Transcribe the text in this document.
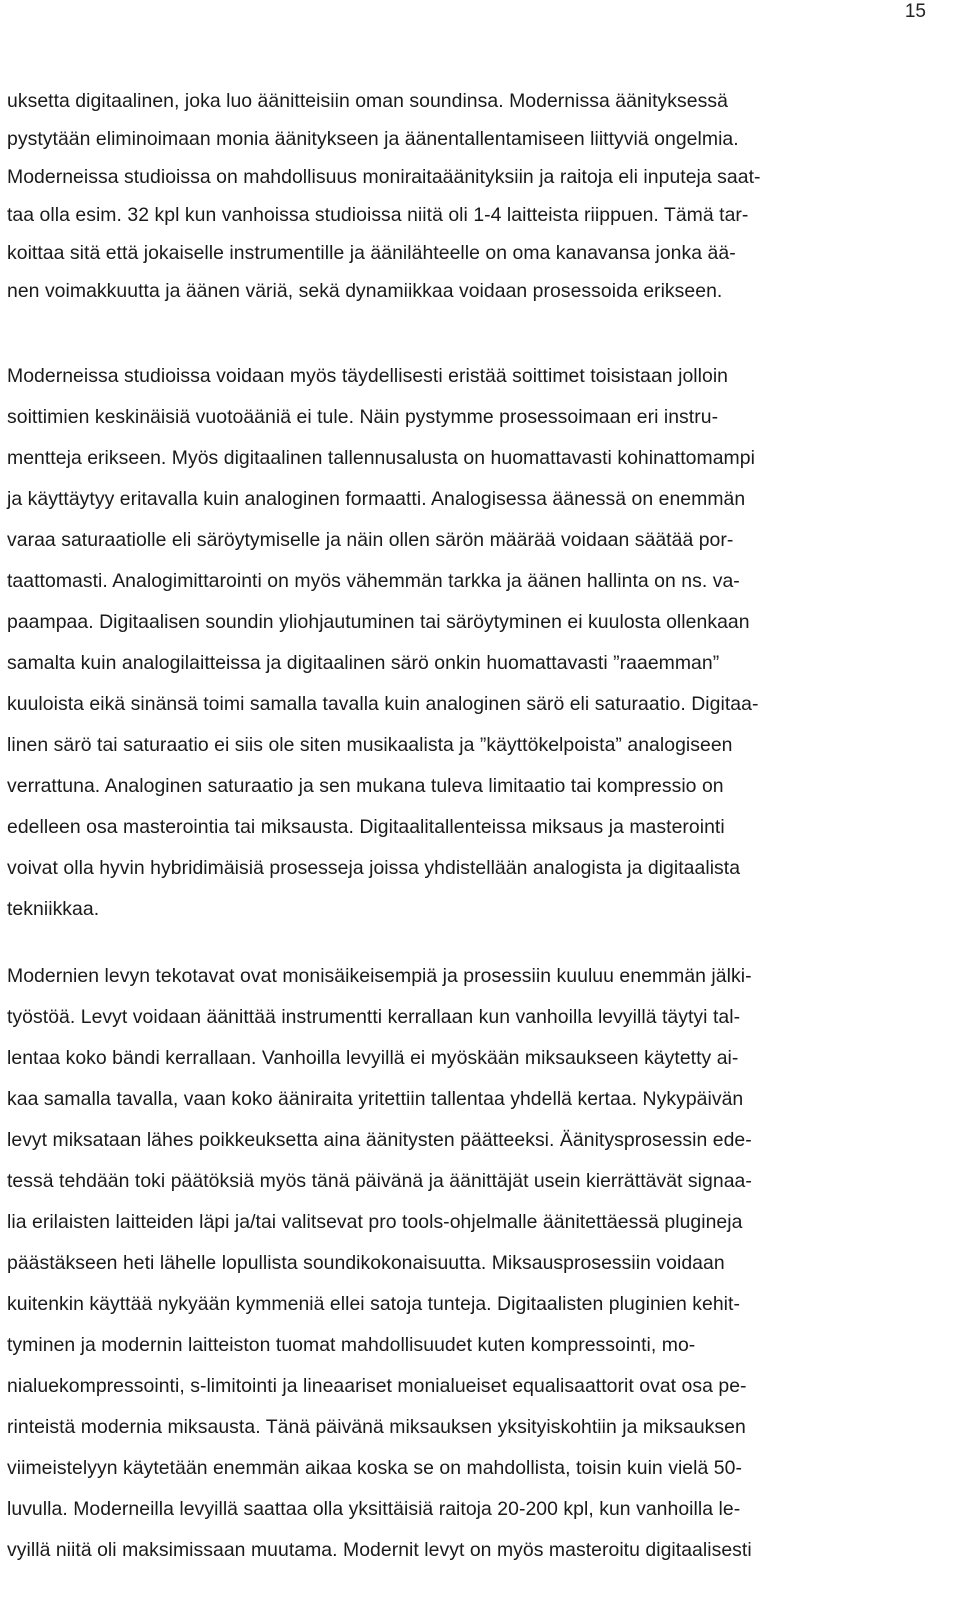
15
uksetta digitaalinen, joka luo äänitteisiin oman soundinsa. Modernissa äänityksessä
pystytään eliminoimaan monia äänitykseen ja äänentallentamiseen liittyviä ongelmia.
Moderneissa studioissa on mahdollisuus moniraitaäänityksiin ja raitoja eli inputeja saat-
taa olla esim. 32 kpl kun vanhoissa studioissa niitä oli 1-4 laitteista riippuen. Tämä tar-
koittaa sitä että jokaiselle instrumentille ja äänilähteelle on oma kanavansa jonka ää-
nen voimakkuutta ja äänen väriä, sekä dynamiikkaa voidaan prosessoida erikseen.
Moderneissa studioissa voidaan myös täydellisesti eristää soittimet toisistaan jolloin
soittimien keskinäisiä vuotoääniä ei tule. Näin pystymme prosessoimaan eri instru-
mentteja erikseen. Myös digitaalinen tallennusalusta on huomattavasti kohinattomampi
ja käyttäytyy eritavalla kuin analoginen formaatti. Analogisessa äänessä on enemmän
varaa saturaatiolle eli säröytymiselle ja näin ollen särön määrää voidaan säätää por-
taattomasti. Analogimittarointi on myös vähemmän tarkka ja äänen hallinta on ns. va-
paampaa. Digitaalisen soundin yliohjautuminen tai säröytyminen ei kuulosta ollenkaan
samalta kuin analogilaitteissa ja digitaalinen särö onkin huomattavasti ”raaemman”
kuuloista eikä sinänsä toimi samalla tavalla kuin analoginen särö eli saturaatio. Digitaa-
linen särö tai saturaatio ei siis ole siten musikaalista ja ”käyttökelpoista” analogiseen
verrattuna. Analoginen saturaatio ja sen mukana tuleva limitaatio tai kompressio on
edelleen osa masterointia tai miksausta. Digitaalitallenteissa miksaus ja masterointi
voivat olla hyvin hybridimäisiä prosesseja joissa yhdistellään analogista ja digitaalista
tekniikkaa.
Modernien levyn tekotavat ovat monisäikeisempiä ja prosessiin kuuluu enemmän jälki-
työstöä. Levyt voidaan äänittää instrumentti kerrallaan kun vanhoilla levyillä täytyi tal-
lentaa koko bändi kerrallaan. Vanhoilla levyillä ei myöskään miksaukseen käytetty ai-
kaa samalla tavalla, vaan koko ääniraita yritettiin tallentaa yhdellä kertaa. Nykypäivän
levyt miksataan lähes poikkeuksetta aina äänitysten päätteeksi. Äänitysprosessin ede-
tessä tehdään toki päätöksiä myös tänä päivänä ja äänittäjät usein kierrättävät signaa-
lia erilaisten laitteiden läpi ja/tai valitsevat pro tools-ohjelmalle äänitettäessä plugineja
päästäkseen heti lähelle lopullista soundikokonaisuutta. Miksausprosessiin voidaan
kuitenkin käyttää nykyään kymmeniä ellei satoja tunteja. Digitaalisten pluginien kehit-
tyminen ja modernin laitteiston tuomat mahdollisuudet kuten kompressointi, mo-
nialuekompressointi, s-limitointi ja lineaariset monialueiset equalisaattorit ovat osa pe-
rinteistä modernia miksausta. Tänä päivänä miksauksen yksityiskohtiin ja miksauksen
viimeistelyyn käytetään enemmän aikaa koska se on mahdollista, toisin kuin vielä 50-
luvulla. Moderneilla levyillä saattaa olla yksittäisiä raitoja 20-200 kpl, kun vanhoilla le-
vyillä niitä oli maksimissaan muutama. Modernit levyt on myös masteroitu digitaalisesti
